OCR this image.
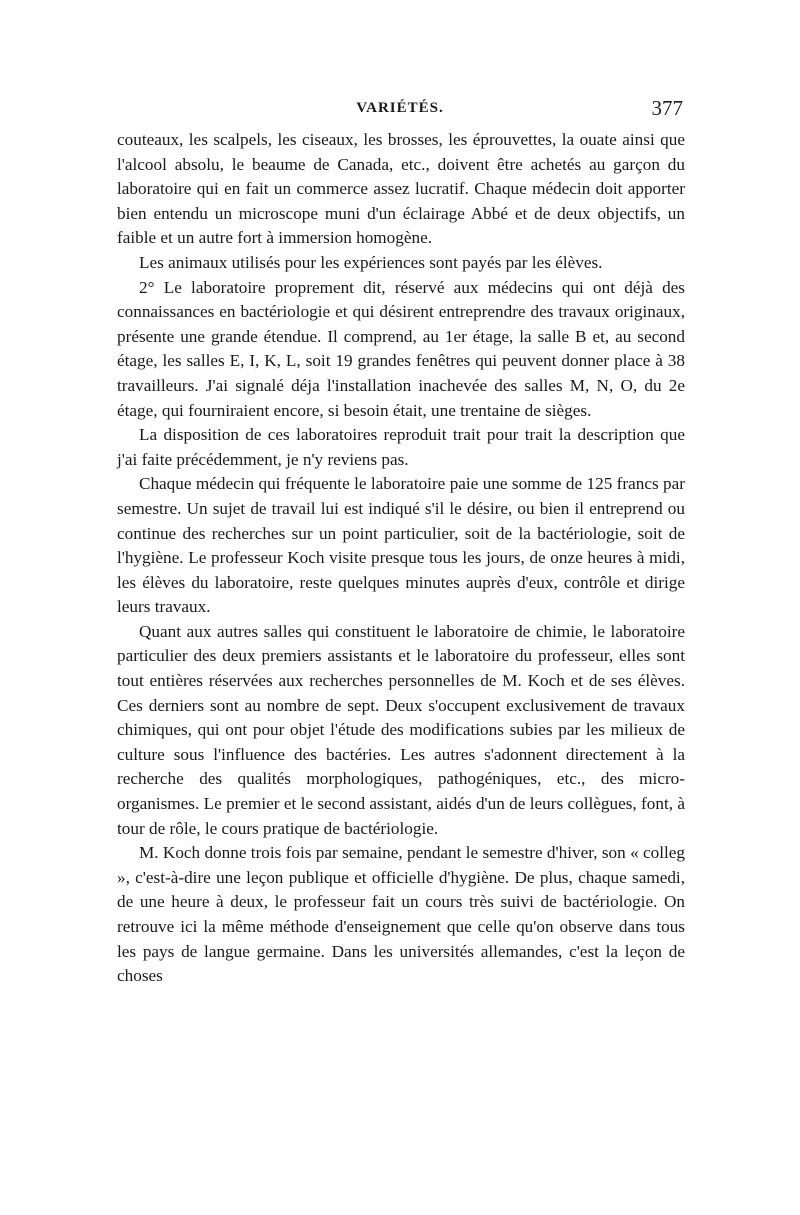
VARIÉTÉS.	377

couteaux, les scalpels, les ciseaux, les brosses, les éprouvettes, la ouate ainsi que l'alcool absolu, le beaume de Canada, etc., doivent être achetés au garçon du laboratoire qui en fait un commerce assez lucratif. Chaque médecin doit apporter bien entendu un microscope muni d'un éclairage Abbé et de deux objectifs, un faible et un autre fort à immersion homogène.

Les animaux utilisés pour les expériences sont payés par les élèves.

2° Le laboratoire proprement dit, réservé aux médecins qui ont déjà des connaissances en bactériologie et qui désirent entreprendre des travaux originaux, présente une grande étendue. Il comprend, au 1er étage, la salle B et, au second étage, les salles E, I, K, L, soit 19 grandes fenêtres qui peuvent donner place à 38 travailleurs. J'ai signalé déja l'installation inachevée des salles M, N, O, du 2e étage, qui fourniraient encore, si besoin était, une trentaine de sièges.

La disposition de ces laboratoires reproduit trait pour trait la description que j'ai faite précédemment, je n'y reviens pas.

Chaque médecin qui fréquente le laboratoire paie une somme de 125 francs par semestre. Un sujet de travail lui est indiqué s'il le désire, ou bien il entreprend ou continue des recherches sur un point particulier, soit de la bactériologie, soit de l'hygiène. Le professeur Koch visite presque tous les jours, de onze heures à midi, les élèves du laboratoire, reste quelques minutes auprès d'eux, contrôle et dirige leurs travaux.

Quant aux autres salles qui constituent le laboratoire de chimie, le laboratoire particulier des deux premiers assistants et le laboratoire du professeur, elles sont tout entières réservées aux recherches personnelles de M. Koch et de ses élèves. Ces derniers sont au nombre de sept. Deux s'occupent exclusivement de travaux chimiques, qui ont pour objet l'étude des modifications subies par les milieux de culture sous l'influence des bactéries. Les autres s'adonnent directement à la recherche des qualités morphologiques, pathogéniques, etc., des micro-organismes. Le premier et le second assistant, aidés d'un de leurs collègues, font, à tour de rôle, le cours pratique de bactériologie.

M. Koch donne trois fois par semaine, pendant le semestre d'hiver, son « colleg », c'est-à-dire une leçon publique et officielle d'hygiène. De plus, chaque samedi, de une heure à deux, le professeur fait un cours très suivi de bactériologie. On retrouve ici la même méthode d'enseignement que celle qu'on observe dans tous les pays de langue germaine. Dans les universités allemandes, c'est la leçon de choses
